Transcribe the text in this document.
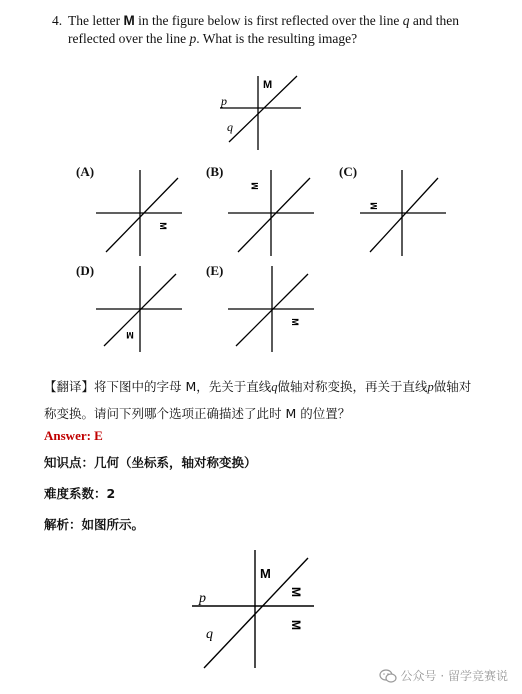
4. The letter M in the figure below is first reflected over the line q and then
reflected over the line p. What is the resulting image?
M
p
q
(A)
M
(B)
M
(C)
M
(D)
M
(E)
M
【翻译】将下图中的字母 M，先关于直线q做轴对称变换，再关于直线p做轴对
称变换。请问下列哪个选项正确描述了此时 M 的位置？
Answer: E
知识点：几何（坐标系，轴对称变换）
难度系数：2
解析：如图所示。
M
M
M
p
q
公众号 · 留学竞赛说
